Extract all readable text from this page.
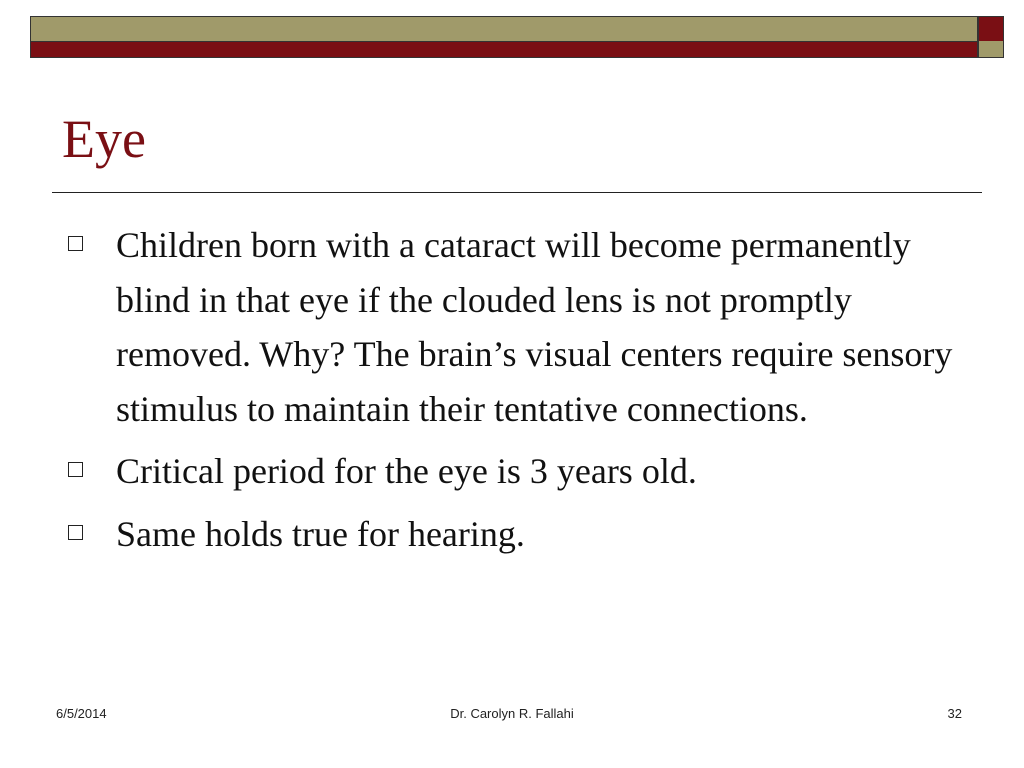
Eye
Children born with a cataract will become permanently blind in that eye if the clouded lens is not promptly removed. Why? The brain’s visual centers require sensory stimulus to maintain their tentative connections.
Critical period for the eye is 3 years old.
Same holds true for hearing.
6/5/2014	Dr. Carolyn R. Fallahi	32
